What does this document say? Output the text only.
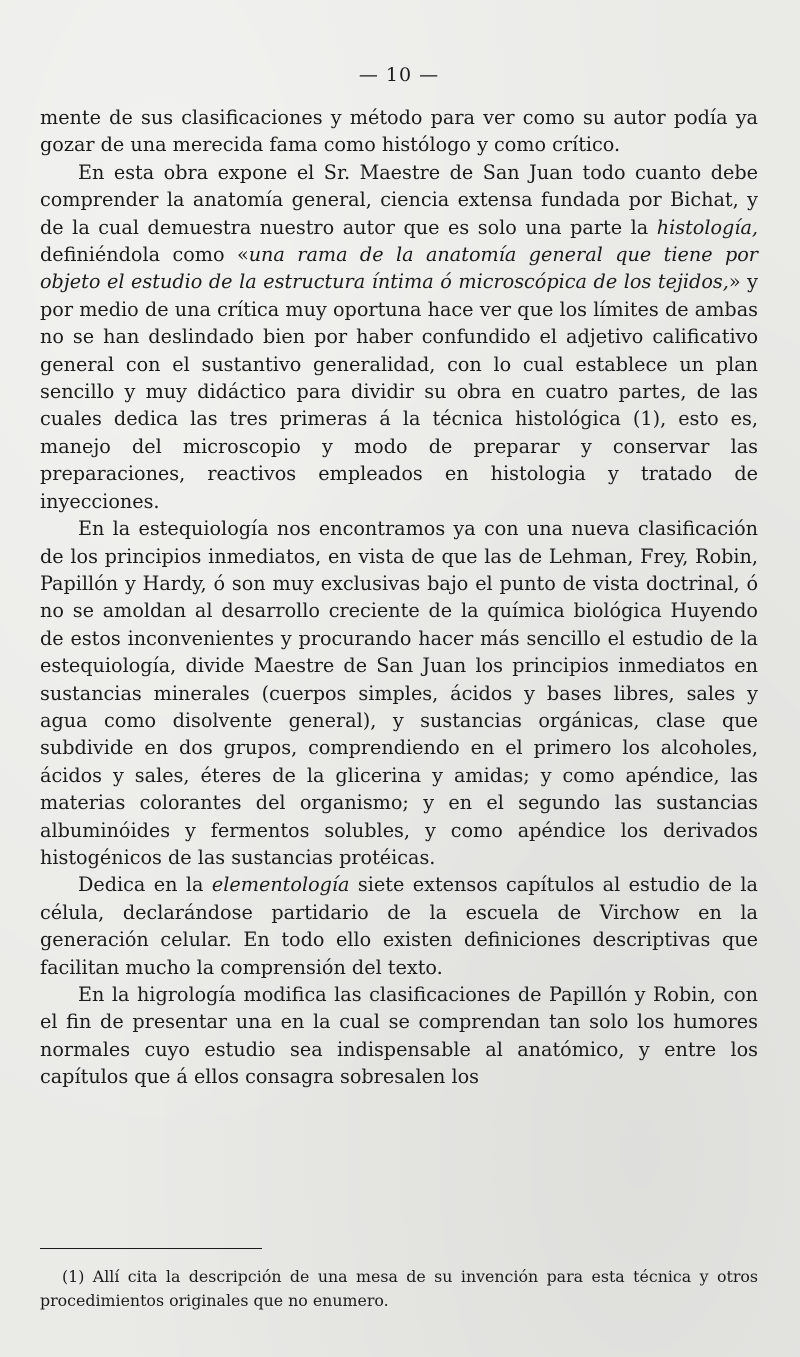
— 10 —

mente de sus clasificaciones y método para ver como su autor podía ya gozar de una merecida fama como histólogo y como crítico.

En esta obra expone el Sr. Maestre de San Juan todo cuanto debe comprender la anatomía general, ciencia extensa fundada por Bichat, y de la cual demuestra nuestro autor que es solo una parte la histología, definiéndola como «una rama de la anatomía general que tiene por objeto el estudio de la estructura íntima ó microscópica de los tejidos,» y por medio de una crítica muy oportuna hace ver que los límites de ambas no se han deslindado bien por haber confundido el adjetivo calificativo general con el sustantivo generalidad, con lo cual establece un plan sencillo y muy didáctico para dividir su obra en cuatro partes, de las cuales dedica las tres primeras á la técnica histológica (1), esto es, manejo del microscopio y modo de preparar y conservar las preparaciones, reactivos empleados en histologia y tratado de inyecciones.

En la estequiología nos encontramos ya con una nueva clasificación de los principios inmediatos, en vista de que las de Lehman, Frey, Robin, Papillón y Hardy, ó son muy exclusivas bajo el punto de vista doctrinal, ó no se amoldan al desarrollo creciente de la química biológica Huyendo de estos inconvenientes y procurando hacer más sencillo el estudio de la estequiología, divide Maestre de San Juan los principios inmediatos en sustancias minerales (cuerpos simples, ácidos y bases libres, sales y agua como disolvente general), y sustancias orgánicas, clase que subdivide en dos grupos, comprendiendo en el primero los alcoholes, ácidos y sales, éteres de la glicerina y amidas; y como apéndice, las materias colorantes del organismo; y en el segundo las sustancias albuminóides y fermentos solubles, y como apéndice los derivados histogénicos de las sustancias protéicas.

Dedica en la elementología siete extensos capítulos al estudio de la célula, declarándose partidario de la escuela de Virchow en la generación celular. En todo ello existen definiciones descriptivas que facilitan mucho la comprensión del texto.

En la higrología modifica las clasificaciones de Papillón y Robin, con el fin de presentar una en la cual se comprendan tan solo los humores normales cuyo estudio sea indispensable al anatómico, y entre los capítulos que á ellos consagra sobresalen los

(1) Allí cita la descripción de una mesa de su invención para esta técnica y otros procedimientos originales que no enumero.
